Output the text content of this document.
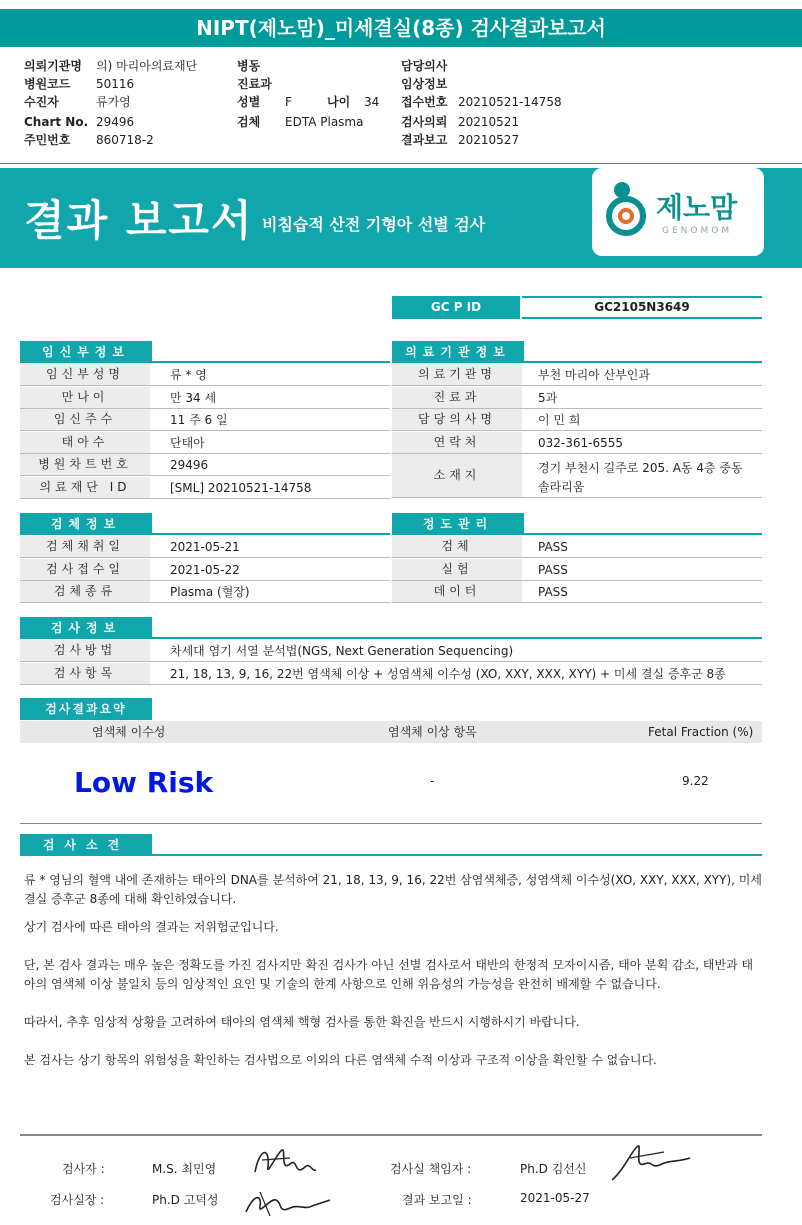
NIPT(제노맘)_미세결실(8종) 검사결과보고서
의뢰기관명 의) 마리아의료재단
병원코드 50116
수진자	류가영
Chart No. 29496
주민번호 860718-2
병동
진료과
성별 F
검체 EDTA Plasma
나이 34
담당의사
임상정보
접수번호 20210521-14758
검사의뢰 20210521
결과보고 20210527
결과 보고서 비침습적 산전 기형아 선별 검사
제노맘
GENOMOM
GC P ID	GC2105N3649
임신부정보	의료기관정보
임신부성명	류 * 영
만나이	만 34 세
임신주수	11 주 6 일
태아수	단태아
병원차트번호	29496
의료재단 ID	[SML] 20210521-14758
의료기관명	부천 마리아 산부인과
진료과	5과
담당의사명	이 민 희
연락처	032-361-6555
소재지	경기 부천시 길주로 205. A동 4층 중동 솔라리움
검체정보	정도관리
검체채취일	2021-05-21
검사접수일	2021-05-22
검체종류	Plasma (혈장)
검체	PASS
실험	PASS
데이터	PASS
검사정보
검사방법	차세대 염기 서열 분석법(NGS, Next Generation Sequencing)
검사항목	21, 18, 13, 9, 16, 22번 염색체 이상 + 성염색체 이수성 (XO, XXY, XXX, XYY) + 미세 결실 증후군 8종
검사결과요약
염색체 이수성	염색체 이상 항목	Fetal Fraction (%)
Low Risk	-	9.22
검사소견
류 * 영님의 혈액 내에 존재하는 태아의 DNA를 분석하여 21, 18, 13, 9, 16, 22번 삼염색체증, 성염색체 이수성(XO, XXY, XXX, XYY), 미세 결실 증후군 8종에 대해 확인하였습니다.
상기 검사에 따른 태아의 결과는 저위험군입니다.
단, 본 검사 결과는 매우 높은 정확도를 가진 검사지만 확진 검사가 아닌 선별 검사로서 태반의 한정적 모자이시즘, 태아 분획 감소, 태반과 태아의 염색체 이상 불일치 등의 임상적인 요인 및 기술의 한계 사항으로 인해 위음성의 가능성을 완전히 배제할 수 없습니다.
따라서, 추후 임상적 상황을 고려하여 태아의 염색체 핵형 검사를 통한 확진을 반드시 시행하시기 바랍니다.
본 검사는 상기 항목의 위험성을 확인하는 검사법으로 이외의 다른 염색체 수적 이상과 구조적 이상을 확인할 수 없습니다.
검사자 :	M.S. 최민영	검사실 책임자 :	Ph.D 김선신
검사실장 :	Ph.D 고덕성	결과 보고일 :	2021-05-27
